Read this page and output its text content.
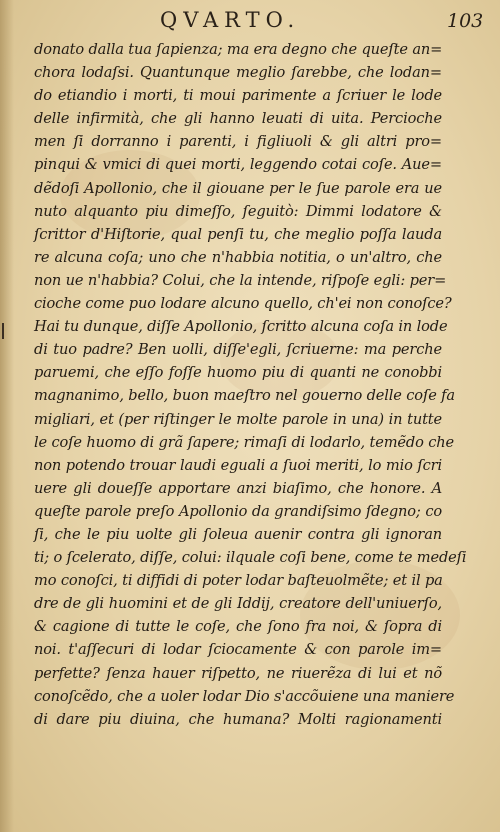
QVARTO.	103
donato dalla tua ſapienza; ma era degno che queſte an=
chora lodaſsi. Quantunque meglio ſarebbe, che lodan=
do etiandio i morti, ti moui parimente a ſcriuer le lode
delle infirmità, che gli hanno leuati di uita. Percioche
men ſi dorranno i parenti, i figliuoli & gli altri pro=
pinqui & vmici di quei morti, leggendo cotai coſe. Aue=
dẽdoſi Apollonio, che il giouane per le ſue parole era ue
nuto alquanto piu dimeſſo, ſeguitò: Dimmi lodatore &
ſcrittor d'Hiſtorie, qual penſi tu, che meglio poſſa lauda
re alcuna coſa; uno che n'habbia notitia, o un'altro, che
non ue n'habbia? Colui, che la intende, riſpoſe egli: per=
cioche come puo lodare alcuno quello, ch'ei non conoſce?
Hai tu dunque, diſſe Apollonio, ſcritto alcuna coſa in lode
di tuo padre? Ben uolli, diſſe'egli, ſcriuerne: ma perche
paruemi, che eſſo foſſe huomo piu di quanti ne conobbi
magnanimo, bello, buon maeſtro nel gouerno delle coſe fa
migliari, et (per riſtinger le molte parole in una) in tutte
le coſe huomo di grã ſapere; rimaſi di lodarlo, temẽdo che
non potendo trouar laudi eguali a ſuoi meriti, lo mio ſcri
uere gli doueſſe apportare anzi biaſimo, che honore. A
queſte parole preſo Apollonio da grandiſsimo ſdegno; co
ſi, che le piu uolte gli ſoleua auenir contra gli ignoran
ti; o ſcelerato, diſſe, colui: ilquale coſi bene, come te medeſi
mo conoſci, ti diffidi di poter lodar baſteuolmẽte; et il pa
dre de gli huomini et de gli Iddij, creatore dell'uniuerſo,
& cagione di tutte le coſe, che ſono fra noi, & ſopra di
noi. t'aſſecuri di lodar ſciocamente & con parole im=
perfette? ſenza hauer riſpetto, ne riuerẽza di lui et nõ
conoſcẽdo, che a uoler lodar Dio s'accõuiene una maniere
di dare piu diuina, che humana? Molti ragionamenti
